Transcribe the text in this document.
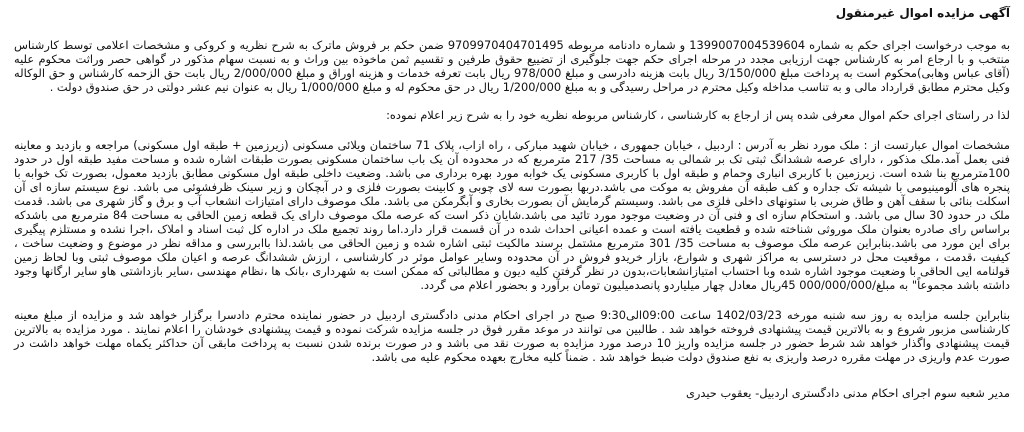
آگهی مزایده اموال غیرمنقول

به موجب درخواست اجرای حکم به شماره 1399007004539604 و شماره دادنامه مربوطه 9709970404701495 ضمن حکم بر فروش ماترک به شرح نظریه و کروکی و مشخصات اعلامی توسط کارشناس منتخب و با ارجاع امر به کارشناس جهت ارزیابی مجدد در مرحله اجرای حکم جهت جلوگیری از تضییع حقوق طرفین و تقسیم ثمن ماخوذه بین وراث و به نسبت سهام مذکور در گواهی حصر وراثت محکوم علیه (آقای عباس وهابی)محکوم است به پرداخت مبلغ 3/150/000 ریال بابت هزینه دادرسی و مبلغ 978/000 ریال بابت تعرفه خدمات و هزینه اوراق و مبلغ 2/000/000 ریال بابت حق الزحمه کارشناس و حق الوکاله وکیل محترم مطابق قرارداد مالی و به تناسب مداخله وکیل محترم در مراحل رسیدگی و به مبلغ 1/200/000 ریال در حق محکوم له و مبلغ 1/000/000 ریال به عنوان نیم عشر دولتی در حق صندوق دولت .

لذا در راستای اجرای حکم اموال معرفی شده پس از ارجاع به کارشناسی ، کارشناس مربوطه نظریه خود را به شرح زیر اعلام نموده:

مشخصات اموال عبارتست از : ملک مورد نظر به آدرس : اردبیل ، خیابان جمهوری ، خیابان شهید مبارکی ، راه ازاب، پلاک 71 ساختمان ویلائی مسکونی (زیرزمین + طبقه اول مسکونی) مراجعه و بازدید و معاینه فنی بعمل آمد.ملک مذکور ، دارای عرصه ششدانگ ثبتی تک بر شمالی به مساحت 35/ 217 مترمربع که در محدوده آن یک باب ساختمان مسکونی بصورت طبقات اشاره شده و مساحت مفید طبقه اول در حدود 100مترمربع بنا شده است. زیرزمین با کاربری انباری وحمام و طبقه اول با کاربری مسکونی یک خوابه مورد بهره برداری می باشد. وضعیت داخلی طبقه اول مسکونی مطابق بازدید معمول، بصورت تک خوابه با پنجره های آلومینیومی با شیشه تک جداره و کف طبقه آن مفروش به موکت می باشد.دربها بصورت سه لای چوبی و کابینت بصورت فلزی و در آبچکان و زیر سینک ظرفشوئی می باشد. نوع سیستم سازه ای آن اسکلت بنائی با سقف آهن و طاق ضربی با ستونهای داخلی فلزی می باشد. وسیستم گرمایش آن بصورت بخاری و آبگرمکن می باشد. ملک موصوف دارای امتیازات انشعاب آب و برق و گاز شهری می باشد. قدمت ملک در حدود 30 سال می باشد. و استحکام سازه ای و فنی آن در وضعیت موجود مورد تائید می باشد.شایان ذکر است که عرصه ملک موصوف دارای یک قطعه زمین الحاقی به مساحت 84 مترمربع می باشدکه براساس رای صادره بعنوان ملک موروثی شناخته شده و قطعیت یافته است و عمده اعیانی احداث شده در آن قسمت قرار دارد.اما روند تجمیع ملک در اداره کل ثبت اسناد و املاک ،اجرا نشده و مستلزم پیگیری برای این مورد می باشد.بنابراین عرصه ملک موصوف به مساحت 35/ 301 مترمربع مشتمل برسند مالکیت ثبتی اشاره شده و زمین الحاقی می باشد.لذا باابررسی و مداقه نظر در موضوع و وضعیت ساخت ، کیفیت ،قدمت ، موقعیت محل در دسترسی به مراکز شهری و شوارع، بازار خریدو فروش در آن محدوده وسایر عوامل موثر در کارشناسی ، ارزش ششدانگ عرصه و اعیان ملک موصوف ثبتی وبا لحاظ زمین قولنامه ایی الحاقی با وضعیت موجود اشاره شده وبا احتساب امتیازانشعابات،بدون در نظر گرفتن کلیه دیون و مطالباتی که ممکن است به شهرداری ،بانک ها ،نظام مهندسی ،سایر بازداشتی هاو سایر ارگانها وجود داشته باشد مجموعاً" به مبلغ/000/000/000 45ریال معادل چهار میلیاردو پانصدمیلیون تومان برآورد و بحضور اعلام می گردد.

بنابراین جلسه مزایده به روز سه شنبه مورخه 1402/03/23 ساعت 09:00الی9:30 صبح در اجرای احکام مدنی دادگستری اردبیل در حضور نماینده محترم دادسرا برگزار خواهد شد و مزایده از مبلغ معینه کارشناسی مزبور شروع و به بالاترین قیمت پیشنهادی فروخته خواهد شد . طالبین می توانند در موعد مقرر فوق در جلسه مزایده شرکت نموده و قیمت پیشنهادی خودشان را اعلام نمایند . مورد مزایده به بالاترین قیمت پیشنهادی واگذار خواهد شد شرط حضور در جلسه مزایده واریز 10 درصد مورد مزایده به صورت نقد می باشد و در صورت برنده شدن نسبت به پرداخت مابقی آن حداکثر یکماه مهلت خواهد داشت در صورت عدم واریزی در مهلت مقرره درصد واریزی به نفع صندوق دولت ضبط خواهد شد . ضمناً کلیه مخارج بعهده محکوم علیه می باشد.

مدیر شعبه سوم اجرای احکام مدنی دادگستری اردبیل- یعقوب حیدری
